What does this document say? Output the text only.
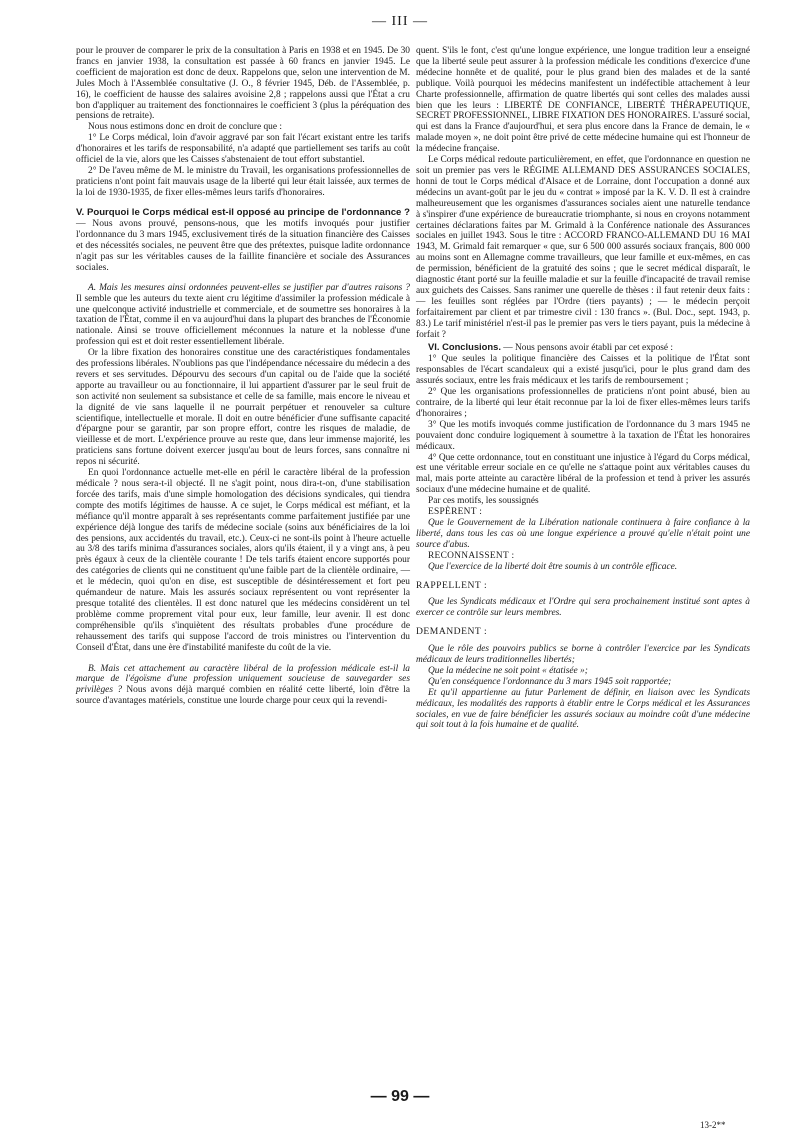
— III —

pour le prouver de comparer le prix de la consultation à Paris en 1938 et en 1945. De 30 francs en janvier 1938, la consultation est passée à 60 francs en janvier 1945. Le coefficient de majoration est donc de deux. Rappelons que, selon une intervention de M. Jules Moch à l'Assemblée consultative (J. O., 8 février 1945, Déb. de l'Assemblée, p. 16), le coefficient de hausse des salaires avoisine 2,8 ; rappelons aussi que l'État a cru bon d'appliquer au traitement des fonctionnaires le coefficient 3 (plus la péréquation des pensions de retraite).

Nous nous estimons donc en droit de conclure que :

1° Le Corps médical, loin d'avoir aggravé par son fait l'écart existant entre les tarifs d'honoraires et les tarifs de responsabilité, n'a adapté que partiellement ses tarifs au coût officiel de la vie, alors que les Caisses s'abstenaient de tout effort substantiel.

2° De l'aveu même de M. le ministre du Travail, les organisations professionnelles de praticiens n'ont point fait mauvais usage de la liberté qui leur était laissée, aux termes de la loi de 1930-1935, de fixer elles-mêmes leurs tarifs d'honoraires.

V. Pourquoi le Corps médical est-il opposé au principe de l'ordonnance ? — Nous avons prouvé, pensons-nous, que les motifs invoqués pour justifier l'ordonnance du 3 mars 1945, exclusivement tirés de la situation financière des Caisses et des nécessités sociales, ne peuvent être que des prétextes, puisque ladite ordonnance n'agit pas sur les véritables causes de la faillite financière et sociale des Assurances sociales.

A. Mais les mesures ainsi ordonnées peuvent-elles se justifier par d'autres raisons ? Il semble que les auteurs du texte aient cru légitime d'assimiler la profession médicale à une quelconque activité industrielle et commerciale, et de soumettre ses honoraires à la taxation de l'État, comme il en va aujourd'hui dans la plupart des branches de l'Économie nationale. Ainsi se trouve officiellement méconnues la nature et la noblesse d'une profession qui est et doit rester essentiellement libérale.

Or la libre fixation des honoraires constitue une des caractéristiques fondamentales des professions libérales. N'oublions pas que l'indépendance nécessaire du médecin a des revers et ses servitudes. Dépourvu des secours d'un capital ou de l'aide que la société apporte au travailleur ou au fonctionnaire, il lui appartient d'assurer par le seul fruit de son activité non seulement sa subsistance et celle de sa famille, mais encore le niveau et la dignité de vie sans laquelle il ne pourrait perpétuer et renouveler sa culture scientifique, intellectuelle et morale. Il doit en outre bénéficier d'une suffisante capacité d'épargne pour se garantir, par son propre effort, contre les risques de maladie, de vieillesse et de mort. L'expérience prouve au reste que, dans leur immense majorité, les praticiens sans fortune doivent exercer jusqu'au bout de leurs forces, sans connaître ni repos ni sécurité.

En quoi l'ordonnance actuelle met-elle en péril le caractère libéral de la profession médicale ? nous sera-t-il objecté. Il ne s'agit point, nous dira-t-on, d'une stabilisation forcée des tarifs, mais d'une simple homologation des décisions syndicales, qui tiendra compte des motifs légitimes de hausse. A ce sujet, le Corps médical est méfiant, et la méfiance qu'il montre apparaît à ses représentants comme parfaitement justifiée par une expérience déjà longue des tarifs de médecine sociale (soins aux bénéficiaires de la loi des pensions, aux accidentés du travail, etc.). Ceux-ci ne sont-ils point à l'heure actuelle au 3/8 des tarifs minima d'assurances sociales, alors qu'ils étaient, il y a vingt ans, à peu près égaux à ceux de la clientèle courante ! De tels tarifs étaient encore supportés pour des catégories de clients qui ne constituent qu'une faible part de la clientèle ordinaire, — et le médecin, quoi qu'on en dise, est susceptible de désintéressement et fort peu quémandeur de nature. Mais les assurés sociaux représentent ou vont représenter la presque totalité des clientèles. Il est donc naturel que les médecins considèrent un tel problème comme proprement vital pour eux, leur famille, leur avenir. Il est donc compréhensible qu'ils s'inquiètent des résultats probables d'une procédure de rehaussement des tarifs qui suppose l'accord de trois ministres ou l'intervention du Conseil d'État, dans une ère d'instabilité manifeste du coût de la vie.

B. Mais cet attachement au caractère libéral de la profession médicale est-il la marque de l'égoïsme d'une profession uniquement soucieuse de sauvegarder ses privilèges ? Nous avons déjà marqué combien en réalité cette liberté, loin d'être la source d'avantages matériels, constitue une lourde charge pour ceux qui la revendi-

quent. S'ils le font, c'est qu'une longue expérience, une longue tradition leur a enseigné que la liberté seule peut assurer à la profession médicale les conditions d'exercice d'une médecine honnête et de qualité, pour le plus grand bien des malades et de la santé publique. Voilà pourquoi les médecins manifestent un indéfectible attachement à leur Charte professionnelle, affirmation de quatre libertés qui sont celles des malades aussi bien que les leurs : LIBERTÉ DE CONFIANCE, LIBERTÉ THÉRAPEUTIQUE, SECRET PROFESSIONNEL, LIBRE FIXATION DES HONORAIRES. L'assuré social, qui est dans la France d'aujourd'hui, et sera plus encore dans la France de demain, le « malade moyen », ne doit point être privé de cette médecine humaine qui est l'honneur de la médecine française.

Le Corps médical redoute particulièrement, en effet, que l'ordonnance en question ne soit un premier pas vers le RÉGIME ALLEMAND DES ASSURANCES SOCIALES, honni de tout le Corps médical d'Alsace et de Lorraine, dont l'occupation a donné aux médecins un avant-goût par le jeu du « contrat » imposé par la K. V. D. Il est à craindre malheureusement que les organismes d'assurances sociales aient une naturelle tendance à s'inspirer d'une expérience de bureaucratie triomphante, si nous en croyons notamment certaines déclarations faites par M. Grimald à la Conférence nationale des Assurances sociales en juillet 1943. Sous le titre : ACCORD FRANCO-ALLEMAND DU 16 MAI 1943, M. Grimald fait remarquer « que, sur 6 500 000 assurés sociaux français, 800 000 au moins sont en Allemagne comme travailleurs, que leur famille et eux-mêmes, en cas de permission, bénéficient de la gratuité des soins ; que le secret médical disparaît, le diagnostic étant porté sur la feuille maladie et sur la feuille d'incapacité de travail remise aux guichets des Caisses. Sans ranimer une querelle de thèses : il faut retenir deux faits : — les feuilles sont réglées par l'Ordre (tiers payants) ; — le médecin perçoit forfaitairement par client et par trimestre civil : 130 francs ». (Bul. Doc., sept. 1943, p. 83.) Le tarif ministériel n'est-il pas le premier pas vers le tiers payant, puis la médecine à forfait ?

VI. Conclusions. — Nous pensons avoir établi par cet exposé :

1° Que seules la politique financière des Caisses et la politique de l'État sont responsables de l'écart scandaleux qui a existé jusqu'ici, pour le plus grand dam des assurés sociaux, entre les frais médicaux et les tarifs de remboursement ;

2° Que les organisations professionnelles de praticiens n'ont point abusé, bien au contraire, de la liberté qui leur était reconnue par la loi de fixer elles-mêmes leurs tarifs d'honoraires ;

3° Que les motifs invoqués comme justification de l'ordonnance du 3 mars 1945 ne pouvaient donc conduire logiquement à soumettre à la taxation de l'État les honoraires médicaux.

4° Que cette ordonnance, tout en constituant une injustice à l'égard du Corps médical, est une véritable erreur sociale en ce qu'elle ne s'attaque point aux véritables causes du mal, mais porte atteinte au caractère libéral de la profession et tend à priver les assurés sociaux d'une médecine humaine et de qualité.

Par ces motifs, les soussignés

ESPÈRENT :

Que le Gouvernement de la Libération nationale continuera à faire confiance à la liberté, dans tous les cas où une longue expérience a prouvé qu'elle n'était point une source d'abus.

RECONNAISSENT :

Que l'exercice de la liberté doit être soumis à un contrôle efficace.

RAPPELLENT :

Que les Syndicats médicaux et l'Ordre qui sera prochainement institué sont aptes à exercer ce contrôle sur leurs membres.

DEMANDENT :

Que le rôle des pouvoirs publics se borne à contrôler l'exercice par les Syndicats médicaux de leurs traditionnelles libertés;

Que la médecine ne soit point « étatisée »;

Qu'en conséquence l'ordonnance du 3 mars 1945 soit rapportée;

Et qu'il appartienne au futur Parlement de définir, en liaison avec les Syndicats médicaux, les modalités des rapports à établir entre le Corps médical et les Assurances sociales, en vue de faire bénéficier les assurés sociaux au moindre coût d'une médecine qui soit tout à la fois humaine et de qualité.

— 99 —
13-2**
